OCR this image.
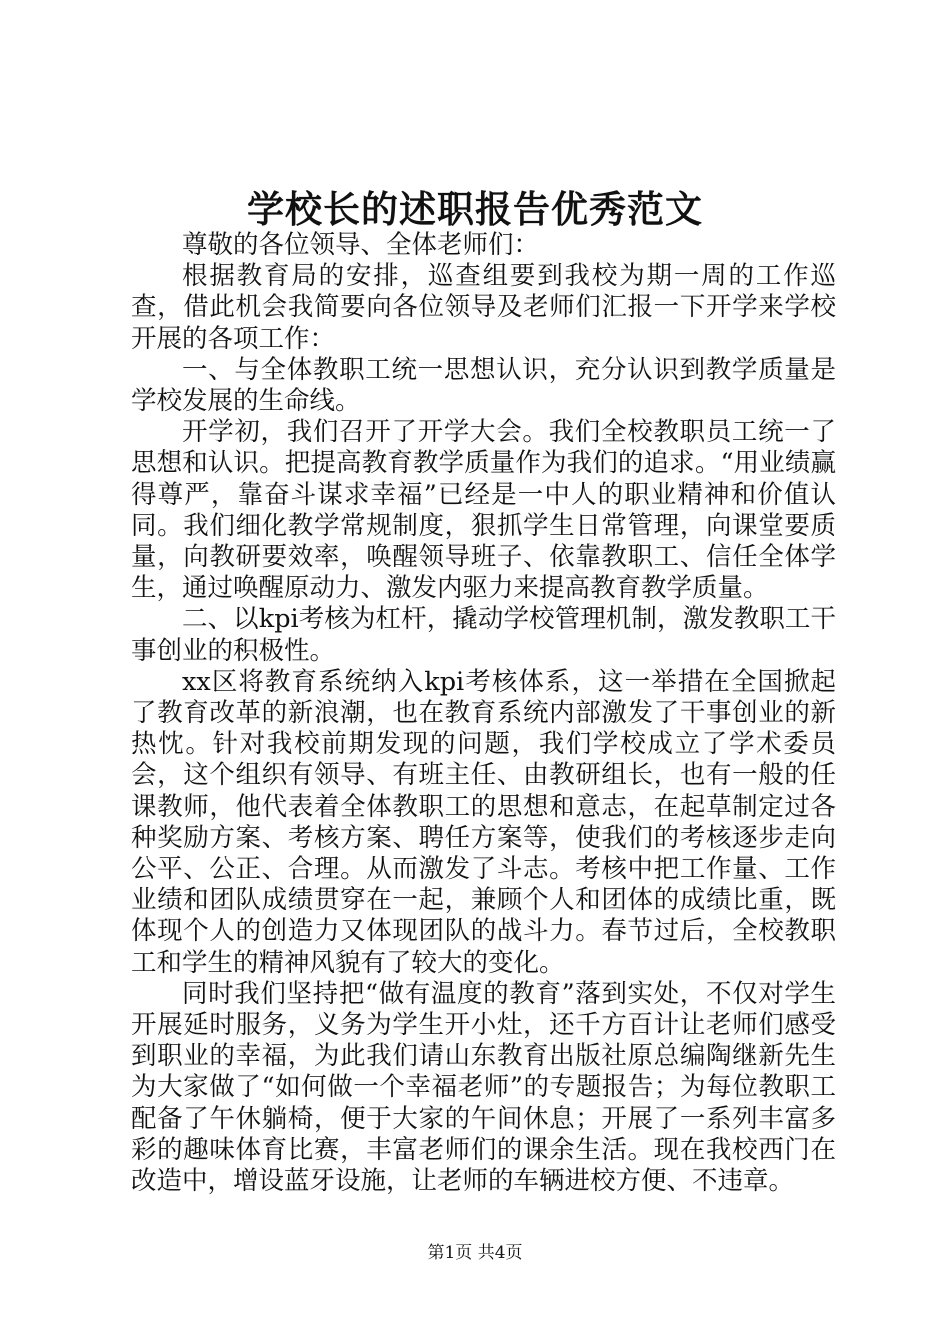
学校长的述职报告优秀范文

尊敬的各位领导、全体老师们：

根据教育局的安排，巡查组要到我校为期一周的工作巡查，借此机会我简要向各位领导及老师们汇报一下开学来学校开展的各项工作：

一、与全体教职工统一思想认识，充分认识到教学质量是学校发展的生命线。

开学初，我们召开了开学大会。我们全校教职员工统一了思想和认识。把提高教育教学质量作为我们的追求。“用业绩赢得尊严，靠奋斗谋求幸福”已经是一中人的职业精神和价值认同。我们细化教学常规制度，狠抓学生日常管理，向课堂要质量，向教研要效率，唤醒领导班子、依靠教职工、信任全体学生，通过唤醒原动力、激发内驱力来提高教育教学质量。

二、以kpi考核为杠杆，撬动学校管理机制，激发教职工干事创业的积极性。

xx区将教育系统纳入kpi考核体系，这一举措在全国掀起了教育改革的新浪潮，也在教育系统内部激发了干事创业的新热忱。针对我校前期发现的问题，我们学校成立了学术委员会，这个组织有领导、有班主任、由教研组长，也有一般的任课教师，他代表着全体教职工的思想和意志，在起草制定过各种奖励方案、考核方案、聘任方案等，使我们的考核逐步走向公平、公正、合理。从而激发了斗志。考核中把工作量、工作业绩和团队成绩贯穿在一起，兼顾个人和团体的成绩比重，既体现个人的创造力又体现团队的战斗力。春节过后，全校教职工和学生的精神风貌有了较大的变化。

同时我们坚持把“做有温度的教育”落到实处，不仅对学生开展延时服务，义务为学生开小灶，还千方百计让老师们感受到职业的幸福，为此我们请山东教育出版社原总编陶继新先生为大家做了“如何做一个幸福老师”的专题报告；为每位教职工配备了午休躺椅，便于大家的午间休息；开展了一系列丰富多彩的趣味体育比赛，丰富老师们的课余生活。现在我校西门在改造中，增设蓝牙设施，让老师的车辆进校方便、不违章。

第1页 共4页
